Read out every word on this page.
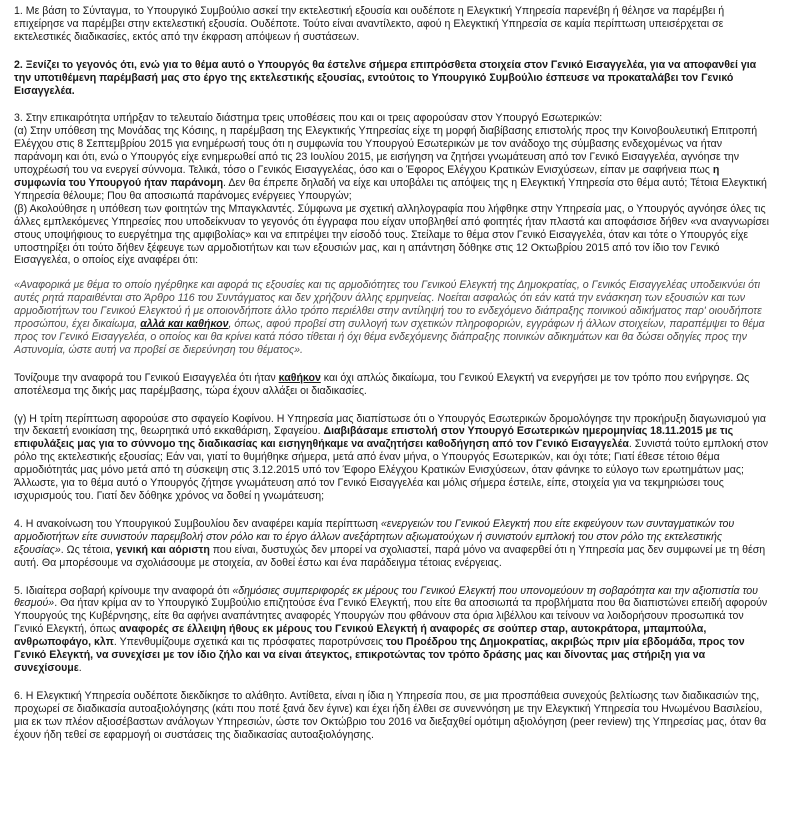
1. Με βάση το Σύνταγμα, το Υπουργικό Συμβούλιο ασκεί την εκτελεστική εξουσία και ουδέποτε η Ελεγκτική Υπηρεσία παρενέβη ή θέλησε να παρέμβει ή επιχείρησε να παρέμβει στην εκτελεστική εξουσία. Ουδέποτε. Τούτο είναι αναντίλεκτο, αφού η Ελεγκτική Υπηρεσία σε καμία περίπτωση υπεισέρχεται σε εκτελεστικές διαδικασίες, εκτός από την έκφραση απόψεων ή συστάσεων.

2. Ξενίζει το γεγονός ότι, ενώ για το θέμα αυτό ο Υπουργός θα έστελνε σήμερα επιπρόσθετα στοιχεία στον Γενικό Εισαγγελέα, για να αποφανθεί για την υποτιθέμενη παρέμβασή μας στο έργο της εκτελεστικής εξουσίας, εντούτοις το Υπουργικό Συμβούλιο έσπευσε να προκαταλάβει τον Γενικό Εισαγγελέα.

3. Στην επικαιρότητα υπήρξαν το τελευταίο διάστημα τρεις υποθέσεις που και οι τρεις αφορούσαν στον Υπουργό Εσωτερικών:

(α) Στην υπόθεση της Μονάδας της Κόσιης, η παρέμβαση της Ελεγκτικής Υπηρεσίας είχε τη μορφή διαβίβασης επιστολής προς την Κοινοβουλευτική Επιτροπή Ελέγχου στις 8 Σεπτεμβρίου 2015 για ενημέρωσή τους ότι η συμφωνία του Υπουργού Εσωτερικών με τον ανάδοχο της σύμβασης ενδεχομένως να ήταν παράνομη και ότι, ενώ ο Υπουργός είχε ενημερωθεί από τις 23 Ιουλίου 2015, με εισήγηση να ζητήσει γνωμάτευση από τον Γενικό Εισαγγελέα, αγνόησε την υποχρέωσή του να ενεργεί σύννομα. Τελικά, τόσο ο Γενικός Εισαγγελέας, όσο και ο Έφορος Ελέγχου Κρατικών Ενισχύσεων, είπαν με σαφήνεια πως η συμφωνία του Υπουργού ήταν παράνομη. Δεν θα έπρεπε δηλαδή να είχε και υποβάλει τις απόψεις της η Ελεγκτική Υπηρεσία στο θέμα αυτό; Τέτοια Ελεγκτική Υπηρεσία θέλουμε; Που θα αποσιωπά παράνομες ενέργειες Υπουργών;

(β) Ακολούθησε η υπόθεση των φοιτητών της Μπαγκλαντές. Σύμφωνα με σχετική αλληλογραφία που λήφθηκε στην Υπηρεσία μας, ο Υπουργός αγνόησε όλες τις άλλες εμπλεκόμενες Υπηρεσίες που υποδείκνυαν το γεγονός ότι έγγραφα που είχαν υποβληθεί από φοιτητές ήταν πλαστά και αποφάσισε δήθεν «να αναγνωρίσει στους υποψήφιους το ευεργέτημα της αμφιβολίας» και να επιτρέψει την είσοδό τους. Στείλαμε το θέμα στον Γενικό Εισαγγελέα, όταν και τότε ο Υπουργός είχε υποστηρίξει ότι τούτο δήθεν ξέφευγε των αρμοδιοτήτων και των εξουσιών μας, και η απάντηση δόθηκε στις 12 Οκτωβρίου 2015 από τον ίδιο τον Γενικό Εισαγγελέα, ο οποίος είχε αναφέρει ότι:

«Αναφορικά με θέμα το οποίο ηγέρθηκε και αφορά τις εξουσίες και τις αρμοδιότητες του Γενικού Ελεγκτή της Δημοκρατίας, ο Γενικός Εισαγγελέας υποδεικνύει ότι αυτές ρητά παραιθένται στο Άρθρο 116 του Συντάγματος και δεν χρήζουν άλλης ερμηνείας. Νοείται ασφαλώς ότι εάν κατά την ενάσκηση των εξουσιών και των αρμοδιοτήτων του Γενικού Ελεγκτού ή με οποιονδήποτε άλλο τρόπο περιέλθει στην αντίληψή του το ενδεχόμενο διάπραξης ποινικού αδικήματος παρ' οιουδήποτε προσώπου, έχει δικαίωμα, αλλά και καθήκον, όπως, αφού προβεί στη συλλογή των σχετικών πληροφοριών, εγγράφων ή άλλων στοιχείων, παραπέμψει το θέμα προς τον Γενικό Εισαγγελέα, ο οποίος και θα κρίνει κατά πόσο τίθεται ή όχι θέμα ενδεχόμενης διάπραξης ποινικών αδικημάτων και θα δώσει οδηγίες προς την Αστυνομία, ώστε αυτή να προβεί σε διερεύνηση του θέματος».

Τονίζουμε την αναφορά του Γενικού Εισαγγελέα ότι ήταν καθήκον και όχι απλώς δικαίωμα, του Γενικού Ελεγκτή να ενεργήσει με τον τρόπο που ενήργησε. Ως αποτέλεσμα της δικής μας παρέμβασης, τώρα έχουν αλλάξει οι διαδικασίες.

(γ) Η τρίτη περίπτωση αφορούσε στο σφαγείο Κοφίνου. Η Υπηρεσία μας διαπίστωσε ότι ο Υπουργός Εσωτερικών δρομολόγησε την προκήρυξη διαγωνισμού για την δεκαετή ενοικίαση της, θεωρητικά υπό εκκαθάριση, Σφαγείου. Διαβιβάσαμε επιστολή στον Υπουργό Εσωτερικών ημερομηνίας 18.11.2015 με τις επιφυλάξεις μας για το σύννομο της διαδικασίας και εισηγηθήκαμε να αναζητήσει καθοδήγηση από τον Γενικό Εισαγγελέα. Συνιστά τούτο εμπλοκή στον ρόλο της εκτελεστικής εξουσίας; Εάν ναι, γιατί το θυμήθηκε σήμερα, μετά από έναν μήνα, ο Υπουργός Εσωτερικών, και όχι τότε; Γιατί έθεσε τέτοιο θέμα αρμοδιότητάς μας μόνο μετά από τη σύσκεψη στις 3.12.2015 υπό τον Έφορο Ελέγχου Κρατικών Ενισχύσεων, όταν φάνηκε το εύλογο των ερωτημάτων μας; Άλλωστε, για το θέμα αυτό ο Υπουργός ζήτησε γνωμάτευση από τον Γενικό Εισαγγελέα και μόλις σήμερα έστειλε, είπε, στοιχεία για να τεκμηριώσει τους ισχυρισμούς του. Γιατί δεν δόθηκε χρόνος να δοθεί η γνωμάτευση;

4. Η ανακοίνωση του Υπουργικού Συμβουλίου δεν αναφέρει καμία περίπτωση «ενεργειών του Γενικού Ελεγκτή που είτε εκφεύγουν των συνταγματικών του αρμοδιοτήτων είτε συνιστούν παρεμβολή στον ρόλο και το έργο άλλων ανεξάρτητων αξιωματούχων ή συνιστούν εμπλοκή του στον ρόλο της εκτελεστικής εξουσίας». Ως τέτοια, γενική και αόριστη που είναι, δυστυχώς δεν μπορεί να σχολιαστεί, παρά μόνο να αναφερθεί ότι η Υπηρεσία μας δεν συμφωνεί με τη θέση αυτή. Θα μπορέσουμε να σχολιάσουμε με στοιχεία, αν δοθεί έστω και ένα παράδειγμα τέτοιας ενέργειας.

5. Ιδιαίτερα σοβαρή κρίνουμε την αναφορά ότι «δημόσιες συμπεριφορές εκ μέρους του Γενικού Ελεγκτή που υπονομεύουν τη σοβαρότητα και την αξιοπιστία του θεσμού». Θα ήταν κρίμα αν το Υπουργικό Συμβούλιο επιζητούσε ένα Γενικό Ελεγκτή, που είτε θα αποσιωπά τα προβλήματα που θα διαπιστώνει επειδή αφορούν Υπουργούς της Κυβέρνησης, είτε θα αφήνει αναπάντητες αναφορές Υπουργών που φθάνουν στα όρια λιβέλλου και τείνουν να λοιδορήσουν προσωπικά τον Γενικό Ελεγκτή, όπως αναφορές σε έλλειψη ήθους εκ μέρους του Γενικού Ελεγκτή ή αναφορές σε σούπερ σταρ, αυτοκράτορα, μπαμπούλα, ανθρωποφάγο, κλπ. Υπενθυμίζουμε σχετικά και τις πρόσφατες παροτρύνσεις του Προέδρου της Δημοκρατίας, ακριβώς πριν μία εβδομάδα, προς τον Γενικό Ελεγκτή, να συνεχίσει με τον ίδιο ζήλο και να είναι άτεγκτος, επικροτώντας τον τρόπο δράσης μας και δίνοντας μας στήριξη για να συνεχίσουμε.

6. Η Ελεγκτική Υπηρεσία ουδέποτε διεκδίκησε το αλάθητο. Αντίθετα, είναι η ίδια η Υπηρεσία που, σε μια προσπάθεια συνεχούς βελτίωσης των διαδικασιών της, προχωρεί σε διαδικασία αυτοαξιολόγησης (κάτι που ποτέ ξανά δεν έγινε) και έχει ήδη έλθει σε συνεννόηση με την Ελεγκτική Υπηρεσία του Ηνωμένου Βασιλείου, μια εκ των πλέον αξιοσέβαστων ανάλογων Υπηρεσιών, ώστε τον Οκτώβριο του 2016 να διεξαχθεί ομότιμη αξιολόγηση (peer review) της Υπηρεσίας μας, όταν θα έχουν ήδη τεθεί σε εφαρμογή οι συστάσεις της διαδικασίας αυτοαξιολόγησης.
